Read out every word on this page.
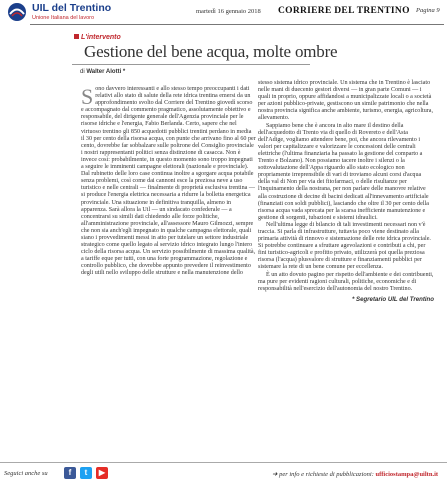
UIL del Trentino
Unione Italiana del lavoro
martedì 16 gennaio 2018 CORRIERE DEL TRENTINO Pagina 9
L'intervento
Gestione del bene acqua, molte ombre
di Walter Alotti *
Sono davvero interessanti e allo stesso tempo preoccupanti i dati relativi allo stato di salute della rete idrica trentina emersi da un approfondimento svolto dal Corriere del Trentino giovedì scorso e accompagnato dal commento pragmatico, assolutamente obiettivo e responsabile, del dirigente generale dell'Agenzia provinciale per le risorse idriche e l'energia, Fabio Berlanda. Certo, sapere che nel virtuoso trentino gli 850 acquedotti pubblici trentini perdano in media il 30 per cento della risorsa acqua, con punte che arrivano fino al 60 per cento, dovrebbe far sobbalzare sulle poltrone del Consiglio provinciale i nostri rappresentanti politici senza distinzione di casacca. Non è invece così: probabilmente, in questo momento sono troppo impegnati a seguire le imminenti campagne elettorali (nazionale e provinciale). Dal rubinetto delle loro case continua inoltre a sgorgare acqua potabile senza problemi, così come dai cannoni esce la preziosa neve a uso turistico e nelle centrali — finalmente di proprietà esclusiva trentina — si produce l'energia elettrica necessaria a ridurre la bolletta energetica provinciale. Una situazione in definitiva tranquilla, almeno in apparenza. Sarà allora la Uil — un sindacato confederale — a concentrarsi su simili dati chiedendo alle forze politiche, all'amministrazione provinciale, all'assessore Mauro Gilmozzi, sempre che non sia anch'egli impegnato in qualche campagna elettorale, quali siano i provvedimenti messi in atto per tutelare un settore industriale strategico come quello legato al servizio idrico integrato lungo l'intero ciclo della risorsa acqua. Un servizio possibilmente di massima qualità, a tariffe eque per tutti, con una forte programmazione, regolazione e controllo pubblico, che dovrebbe appunto prevedere il reinvestimento degli utili nello sviluppo delle strutture e nella manutenzione dello

stesso sistema idrico provinciale. Un sistema che in Trentino è lasciato nelle mani di duecento gestori diversi — in gran parte Comuni — i quali in proprio, oppure affidandosi a municipalizzate locali o a società per azioni pubblico-private, gestiscono un simile patrimonio che nella nostra provincia significa anche ambiente, turismo, energia, agricoltura, allevamento.

Sappiamo bene che è ancora in alto mare il destino della dell'acquedotto di Trento via di quello di Rovereto e dell'Asta dell'Adige, vogliamo attendere bene, poi, che ancora rilevamento i valori per capitalizzare e valorizzare le concessioni delle centrali elettriche (l'ultima finanziaria ha passato la gestione del comparto a Trento e Bolzano). Non possiamo tacere inoltre i silenzi o la sottovalutazione dell'Appa riguardo allo stato ecologico non propriamente irreprensibile di vari di troviamo alcuni corsi d'acqua della val di Non per via dei fitofarmaci, o delle risultanze per l'inquinamento della nostrana, per non parlare delle manovre relative alla costruzione di decine di bacini dedicati all'innevamento artificiale (finanziati con soldi pubblici), lasciando che oltre il 30 per cento della risorsa acqua vada sprecata per la scarsa inefficiente manutenzione e gestione di sorgenti, tubazioni e sistemi idraulici.

Nell'ultima legge di bilancio di tali investimenti necessari non v'è traccia. Si parla di infrastrutture, tuttavia poco viene destinato alla primaria attività di rinnovo e sistemazione delle rete idrica provinciale. Si potrebbe continuare a sfruttare agevolazioni e contributi a chi, per fini turistico-agricoli e profitto privato, utilizzerà poi quella preziosa risorsa (l'acqua) plusvalore di strutture e finanziamenti pubblici per sistemare la rete di un bene comune per eccellenza.

È un atto dovuto pagino per rispetto dell'ambiente e dei contribuenti, ma pure per evidenti ragioni culturali, politiche, economiche e di responsabilità nell'esercizio dell'autonomia del nostro Trentino.

* Segretario UIL del Trentino

Seguici anche su	f	t	▶	➜ per info e richieste di pubblicazioni: ufficiostampa@uiltn.it
